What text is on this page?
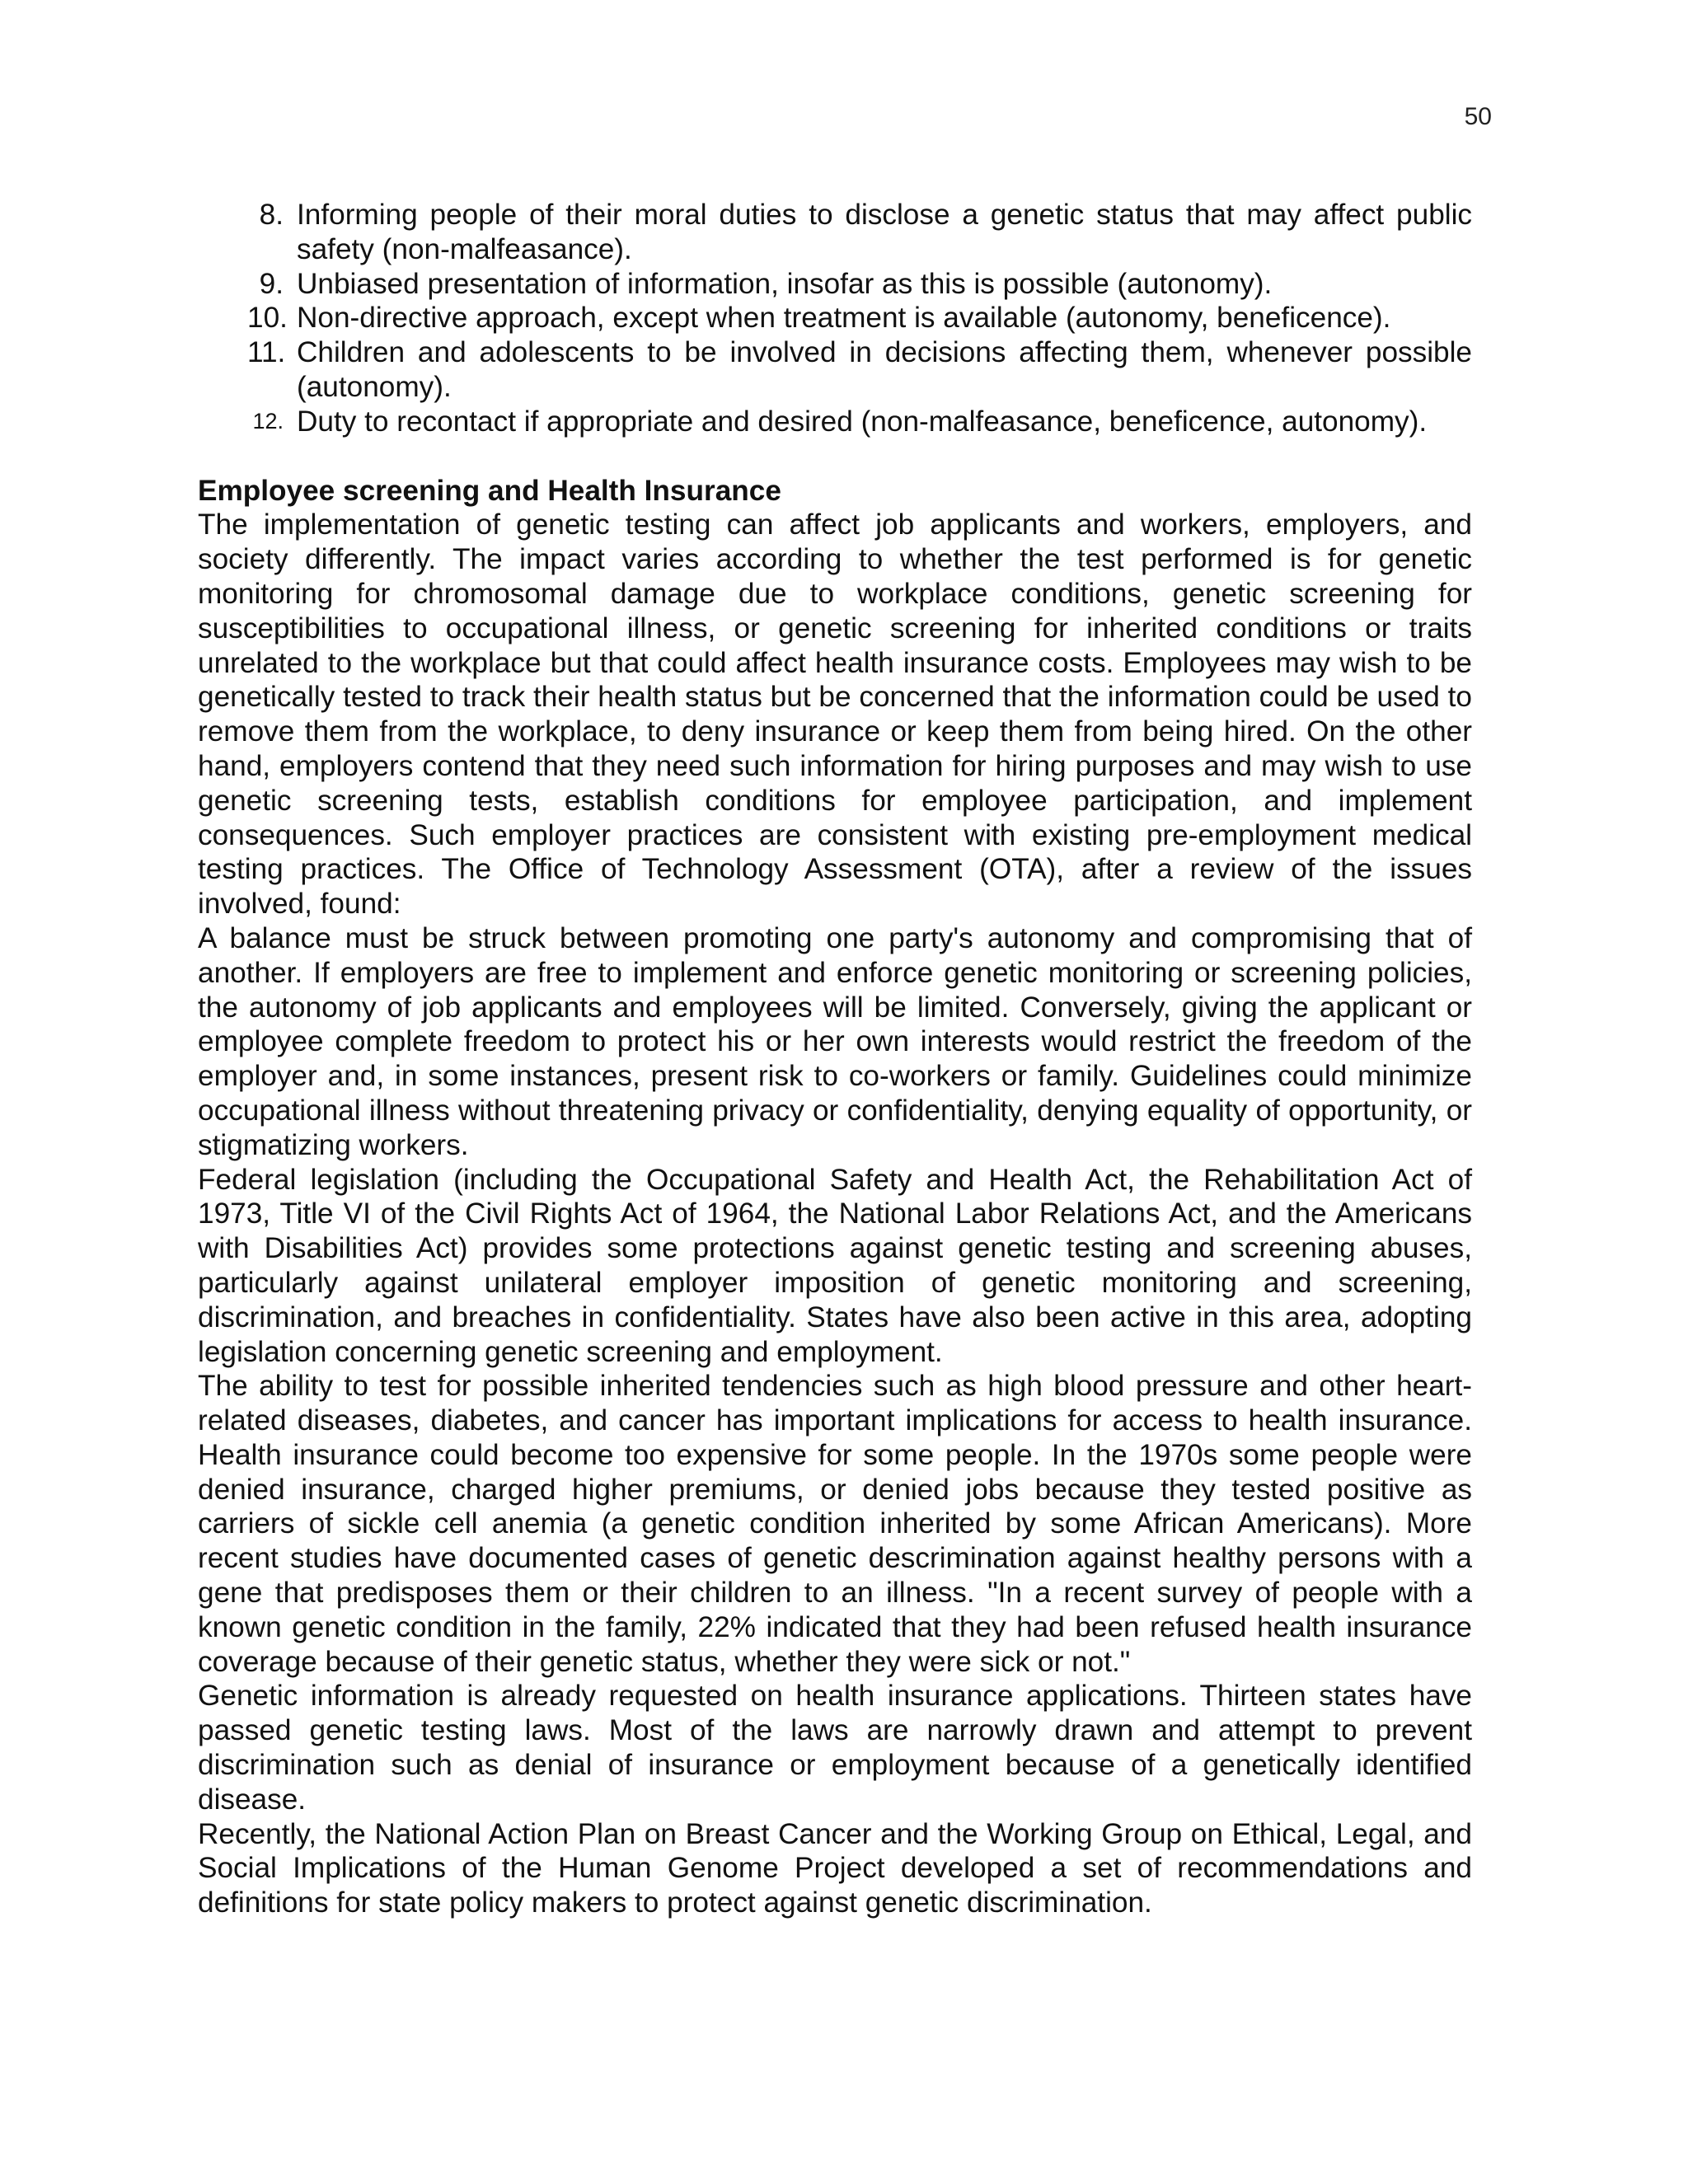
50
8. Informing people of their moral duties to disclose a genetic status that may affect public safety (non-malfeasance).
9. Unbiased presentation of information, insofar as this is possible (autonomy).
10. Non-directive approach, except when treatment is available (autonomy, beneficence).
11. Children and adolescents to be involved in decisions affecting them, whenever possible (autonomy).
12. Duty to recontact if appropriate and desired (non-malfeasance, beneficence, autonomy).
Employee screening and Health Insurance

The implementation of genetic testing can affect job applicants and workers, employers, and society differently. The impact varies according to whether the test performed is for genetic monitoring for chromosomal damage due to workplace conditions, genetic screening for susceptibilities to occupational illness, or genetic screening for inherited conditions or traits unrelated to the workplace but that could affect health insurance costs. Employees may wish to be genetically tested to track their health status but be concerned that the information could be used to remove them from the workplace, to deny insurance or keep them from being hired. On the other hand, employers contend that they need such information for hiring purposes and may wish to use genetic screening tests, establish conditions for employee participation, and implement consequences. Such employer practices are consistent with existing pre-employment medical testing practices. The Office of Technology Assessment (OTA), after a review of the issues involved, found:

A balance must be struck between promoting one party's autonomy and compromising that of another. If employers are free to implement and enforce genetic monitoring or screening policies, the autonomy of job applicants and employees will be limited. Conversely, giving the applicant or employee complete freedom to protect his or her own interests would restrict the freedom of the employer and, in some instances, present risk to co-workers or family. Guidelines could minimize occupational illness without threatening privacy or confidentiality, denying equality of opportunity, or stigmatizing workers.

Federal legislation (including the Occupational Safety and Health Act, the Rehabilitation Act of 1973, Title VI of the Civil Rights Act of 1964, the National Labor Relations Act, and the Americans with Disabilities Act) provides some protections against genetic testing and screening abuses, particularly against unilateral employer imposition of genetic monitoring and screening, discrimination, and breaches in confidentiality. States have also been active in this area, adopting legislation concerning genetic screening and employment.

The ability to test for possible inherited tendencies such as high blood pressure and other heart-related diseases, diabetes, and cancer has important implications for access to health insurance. Health insurance could become too expensive for some people. In the 1970s some people were denied insurance, charged higher premiums, or denied jobs because they tested positive as carriers of sickle cell anemia (a genetic condition inherited by some African Americans). More recent studies have documented cases of genetic descrimination against healthy persons with a gene that predisposes them or their children to an illness. "In a recent survey of people with a known genetic condition in the family, 22% indicated that they had been refused health insurance coverage because of their genetic status, whether they were sick or not."

Genetic information is already requested on health insurance applications. Thirteen states have passed genetic testing laws. Most of the laws are narrowly drawn and attempt to prevent discrimination such as denial of insurance or employment because of a genetically identified disease.

Recently, the National Action Plan on Breast Cancer and the Working Group on Ethical, Legal, and Social Implications of the Human Genome Project developed a set of recommendations and definitions for state policy makers to protect against genetic discrimination.
